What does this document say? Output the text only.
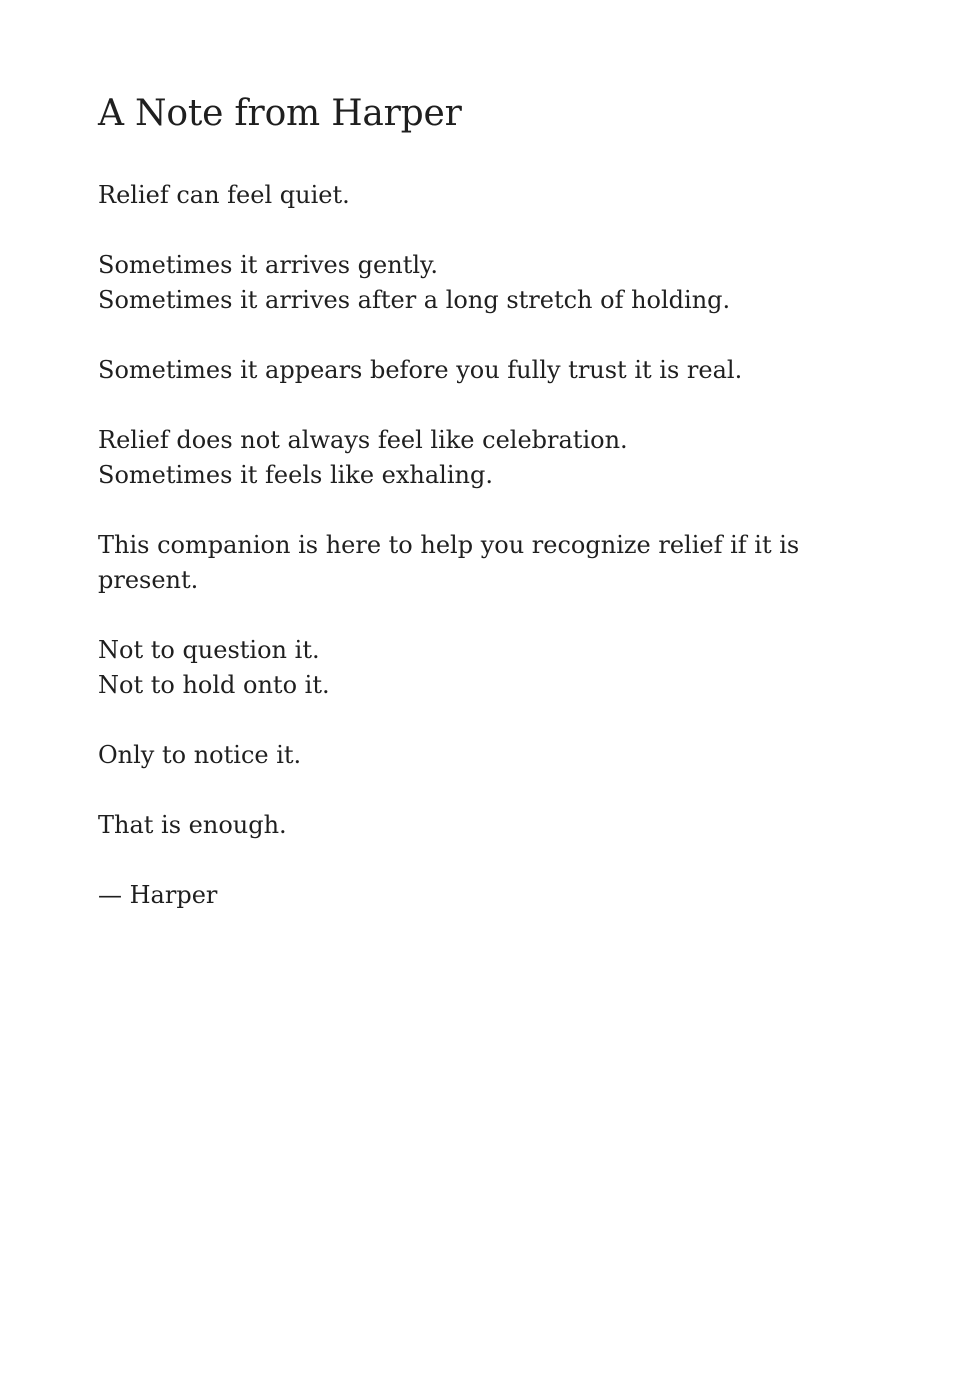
A Note from Harper

Relief can feel quiet.

Sometimes it arrives gently.
Sometimes it arrives after a long stretch of holding.

Sometimes it appears before you fully trust it is real.

Relief does not always feel like celebration.
Sometimes it feels like exhaling.

This companion is here to help you recognize relief if it is present.

Not to question it.
Not to hold onto it.

Only to notice it.

That is enough.

— Harper
